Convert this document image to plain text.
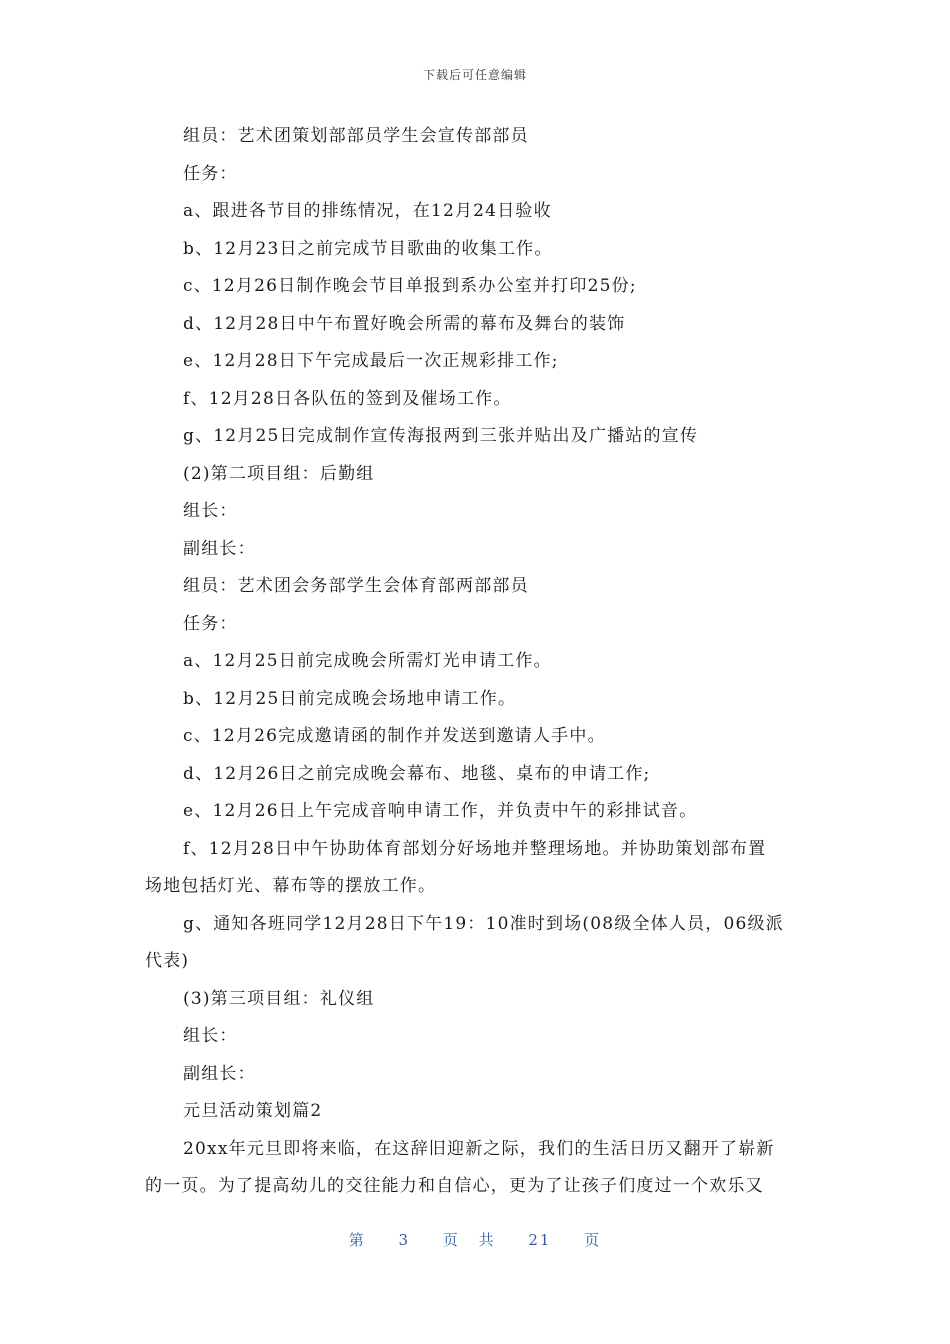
下载后可任意编辑
组员：艺术团策划部部员学生会宣传部部员
任务：
a、跟进各节目的排练情况，在12月24日验收
b、12月23日之前完成节目歌曲的收集工作。
c、12月26日制作晚会节目单报到系办公室并打印25份;
d、12月28日中午布置好晚会所需的幕布及舞台的装饰
e、12月28日下午完成最后一次正规彩排工作;
f、12月28日各队伍的签到及催场工作。
g、12月25日完成制作宣传海报两到三张并贴出及广播站的宣传
(2)第二项目组：后勤组
组长：
副组长：
组员：艺术团会务部学生会体育部两部部员
任务：
a、12月25日前完成晚会所需灯光申请工作。
b、12月25日前完成晚会场地申请工作。
c、12月26完成邀请函的制作并发送到邀请人手中。
d、12月26日之前完成晚会幕布、地毯、桌布的申请工作;
e、12月26日上午完成音响申请工作，并负责中午的彩排试音。
f、12月28日中午协助体育部划分好场地并整理场地。并协助策划部布置
场地包括灯光、幕布等的摆放工作。
g、通知各班同学12月28日下午19：10准时到场(08级全体人员，06级派
代表)
(3)第三项目组：礼仪组
组长：
副组长：
元旦活动策划篇2
20xx年元旦即将来临，在这辞旧迎新之际，我们的生活日历又翻开了崭新
的一页。为了提高幼儿的交往能力和自信心，更为了让孩子们度过一个欢乐又
第 3 页 共 21 页
